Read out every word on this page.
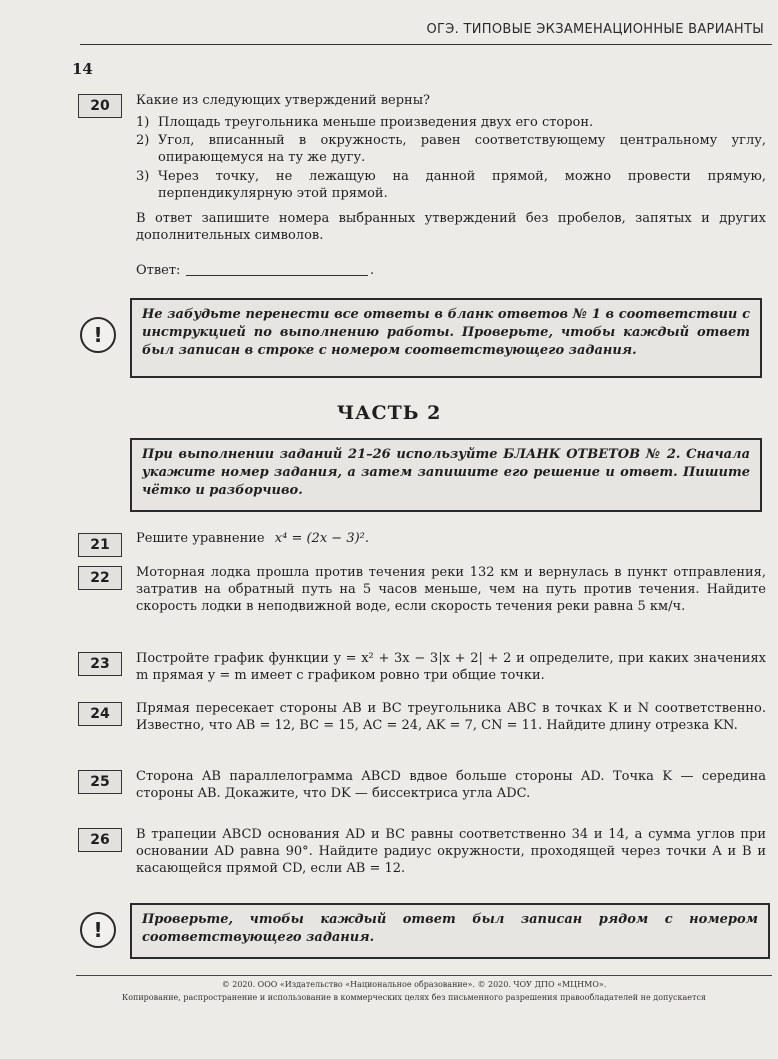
ОГЭ. ТИПОВЫЕ ЭКЗАМЕНАЦИОННЫЕ ВАРИАНТЫ
14
20	Какие из следующих утверждений верны?
1) Площадь треугольника меньше произведения двух его сторон.
2) Угол, вписанный в окружность, равен соответствующему центральному углу, опирающемуся на ту же дугу.
3) Через точку, не лежащую на данной прямой, можно провести прямую, перпендикулярную этой прямой.
В ответ запишите номера выбранных утверждений без пробелов, запятых и других дополнительных символов.
Ответ:	.
!
Не забудьте перенести все ответы в бланк ответов № 1 в соответствии с инструкцией по выполнению работы. Проверьте, чтобы каждый ответ был записан в строке с номером соответствующего задания.
ЧАСТЬ 2
При выполнении заданий 21–26 используйте БЛАНК ОТВЕТОВ № 2. Сначала укажите номер задания, а затем запишите его решение и ответ. Пишите чётко и разборчиво.
21	Решите уравнение x⁴ = (2x − 3)².
22	Моторная лодка прошла против течения реки 132 км и вернулась в пункт отправления, затратив на обратный путь на 5 часов меньше, чем на путь против течения. Найдите скорость лодки в неподвижной воде, если скорость течения реки равна 5 км/ч.
23	Постройте график функции y = x² + 3x − 3|x + 2| + 2 и определите, при каких значениях m прямая y = m имеет с графиком ровно три общие точки.
24	Прямая пересекает стороны AB и BC треугольника ABC в точках K и N соответственно. Известно, что AB = 12, BC = 15, AC = 24, AK = 7, CN = 11. Найдите длину отрезка KN.
25	Сторона AB параллелограмма ABCD вдвое больше стороны AD. Точка K — середина стороны AB. Докажите, что DK — биссектриса угла ADC.
26	В трапеции ABCD основания AD и BC равны соответственно 34 и 14, а сумма углов при основании AD равна 90°. Найдите радиус окружности, проходящей через точки A и B и касающейся прямой CD, если AB = 12.
!	Проверьте, чтобы каждый ответ был записан рядом с номером соответствующего задания.
© 2020. ООО «Издательство «Национальное образование». © 2020. ЧОУ ДПО «МЦНМО».
Копирование, распространение и использование в коммерческих целях без письменного разрешения правообладателей не допускается
